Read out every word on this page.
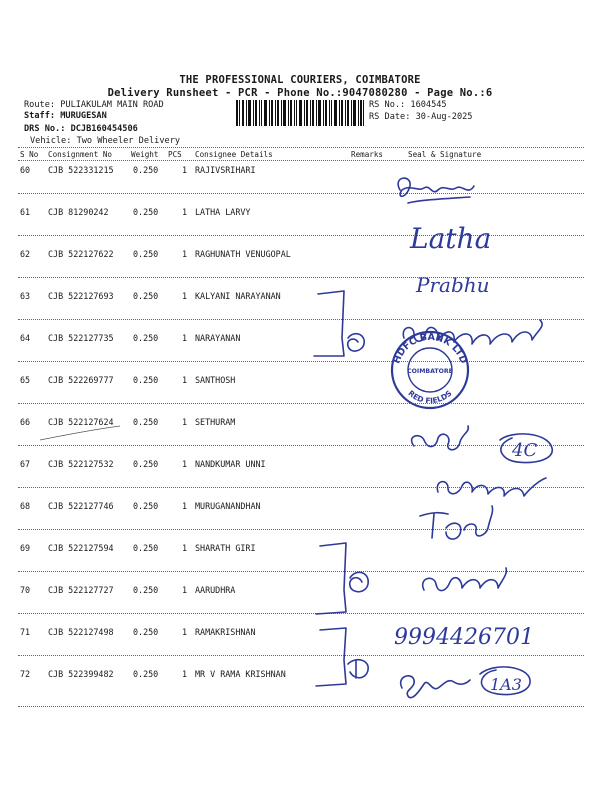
THE PROFESSIONAL COURIERS, COIMBATORE
Delivery Runsheet - PCR - Phone No.:9047080280 - Page No.:6
Route: PULIAKULAM MAIN ROAD
Staff: MURUGESAN
DRS No.: DCJB160454506
Vehicle: Two Wheeler Delivery
RS No.: 1604545
RS Date: 30-Aug-2025
S No Consignment No Weight PCS Consignee Details	Remarks	Seal & Signature
60 CJB 522331215 0.250	1 RAJIVSRIHARI
61 CJB 81290242	0.250	1 LATHA LARVY
62 CJB 522127622 0.250	1 RAGHUNATH VENUGOPAL
63 CJB 522127693 0.250	1 KALYANI NARAYANAN
64 CJB 522127735 0.250	1 NARAYANAN
65 CJB 522269777 0.250	1 SANTHOSH
66 CJB 522127624 0.250	1 SETHURAM
67 CJB 522127532 0.250	1 NANDKUMAR UNNI
68 CJB 522127746 0.250	1 MURUGANANDHAN
69 CJB 522127594 0.250	1 SHARATH GIRI
70 CJB 522127727 0.250	1 AARUDHRA
71 CJB 522127498 0.250	1 RAMAKRISHNAN
72 CJB 522399482 0.250	1 MR V RAMA KRISHNAN
Latha
Prabhu
4C
9994426701
1A3
HDFC BANK LTD
COIMBATORE
RED FIELDS
